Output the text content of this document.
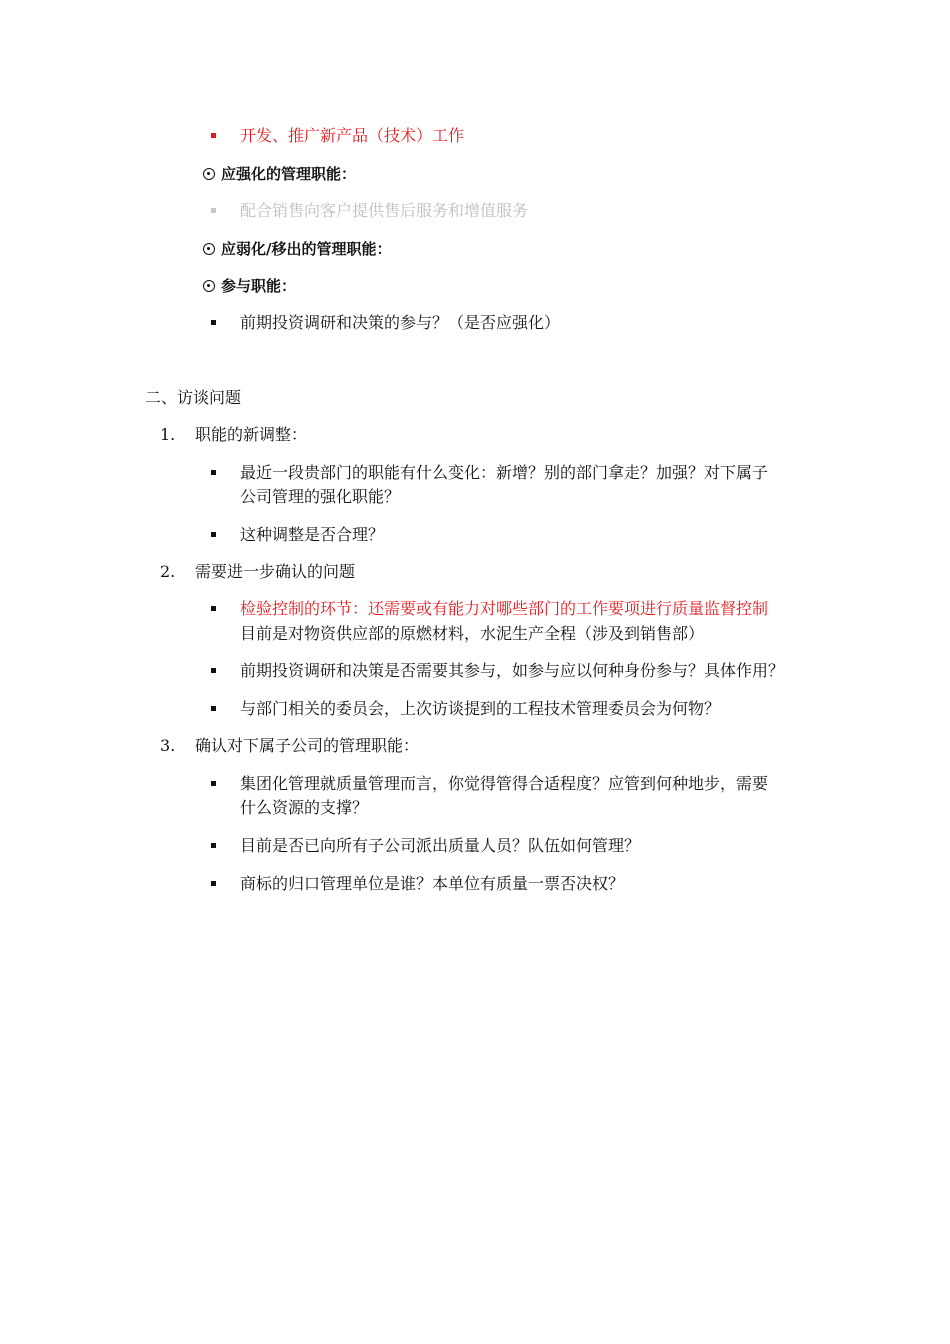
开发、推广新产品（技术）工作
应强化的管理职能：
配合销售向客户提供售后服务和增值服务
应弱化/移出的管理职能：
参与职能：
前期投资调研和决策的参与？（是否应强化）
二、访谈问题
1. 职能的新调整：
最近一段贵部门的职能有什么变化：新增？别的部门拿走？加强？对下属子
公司管理的强化职能？
这种调整是否合理？
2. 需要进一步确认的问题
检验控制的环节：还需要或有能力对哪些部门的工作要项进行质量监督控制
目前是对物资供应部的原燃材料，水泥生产全程（涉及到销售部）
前期投资调研和决策是否需要其参与，如参与应以何种身份参与？具体作用？
与部门相关的委员会，上次访谈提到的工程技术管理委员会为何物？
3. 确认对下属子公司的管理职能：
集团化管理就质量管理而言，你觉得管得合适程度？应管到何种地步，需要
什么资源的支撑？
目前是否已向所有子公司派出质量人员？队伍如何管理？
商标的归口管理单位是谁？本单位有质量一票否决权？
